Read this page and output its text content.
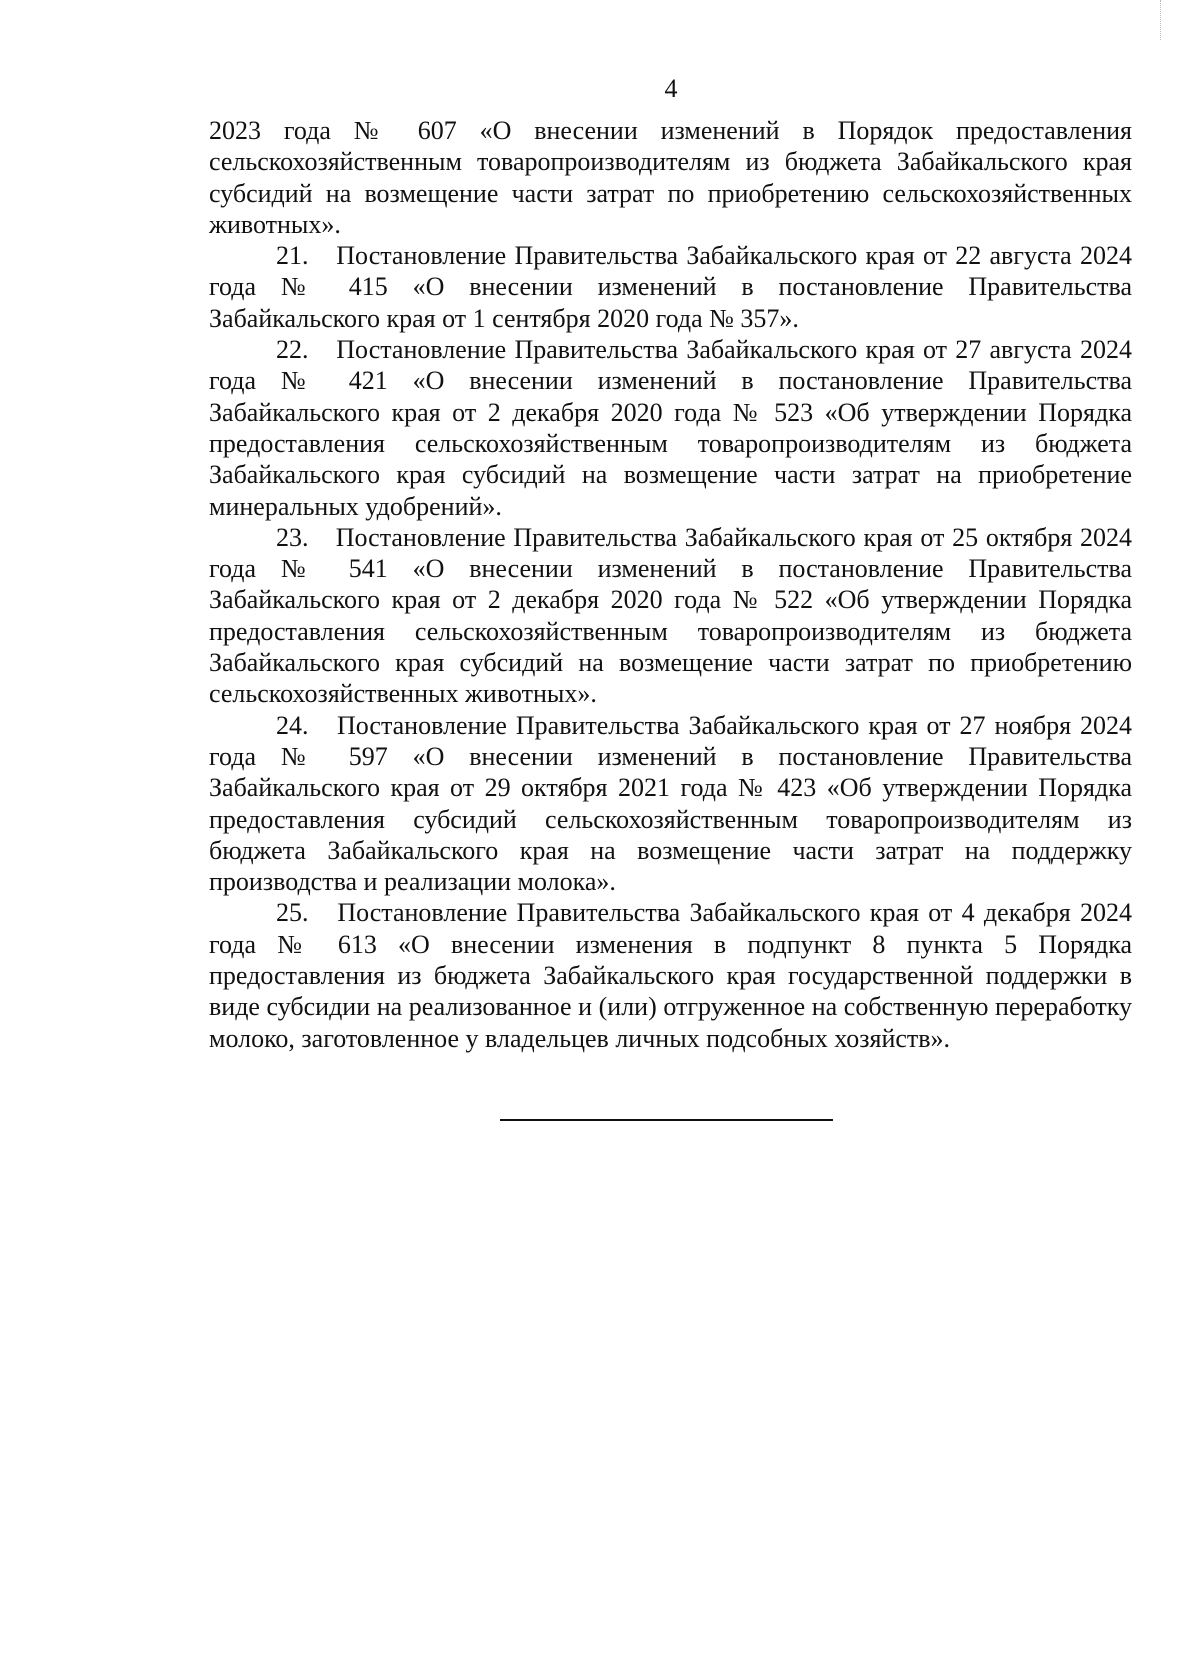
4

2023 года № 607 «О внесении изменений в Порядок предоставления сельскохозяйственным товаропроизводителям из бюджета Забайкальского края субсидий на возмещение части затрат по приобретению сельскохозяйственных животных».

21. Постановление Правительства Забайкальского края от 22 августа 2024 года № 415 «О внесении изменений в постановление Правительства Забайкальского края от 1 сентября 2020 года № 357».

22. Постановление Правительства Забайкальского края от 27 августа 2024 года № 421 «О внесении изменений в постановление Правительства Забайкальского края от 2 декабря 2020 года № 523 «Об утверждении Порядка предоставления сельскохозяйственным товаропроизводителям из бюджета Забайкальского края субсидий на возмещение части затрат на приобретение минеральных удобрений».

23. Постановление Правительства Забайкальского края от 25 октября 2024 года № 541 «О внесении изменений в постановление Правительства Забайкальского края от 2 декабря 2020 года № 522 «Об утверждении Порядка предоставления сельскохозяйственным товаропроизводителям из бюджета Забайкальского края субсидий на возмещение части затрат по приобретению сельскохозяйственных животных».

24. Постановление Правительства Забайкальского края от 27 ноября 2024 года № 597 «О внесении изменений в постановление Правительства Забайкальского края от 29 октября 2021 года № 423 «Об утверждении Порядка предоставления субсидий сельскохозяйственным товаропроизводителям из бюджета Забайкальского края на возмещение части затрат на поддержку производства и реализации молока».

25. Постановление Правительства Забайкальского края от 4 декабря 2024 года № 613 «О внесении изменения в подпункт 8 пункта 5 Порядка предоставления из бюджета Забайкальского края государственной поддержки в виде субсидии на реализованное и (или) отгруженное на собственную переработку молоко, заготовленное у владельцев личных подсобных хозяйств».
